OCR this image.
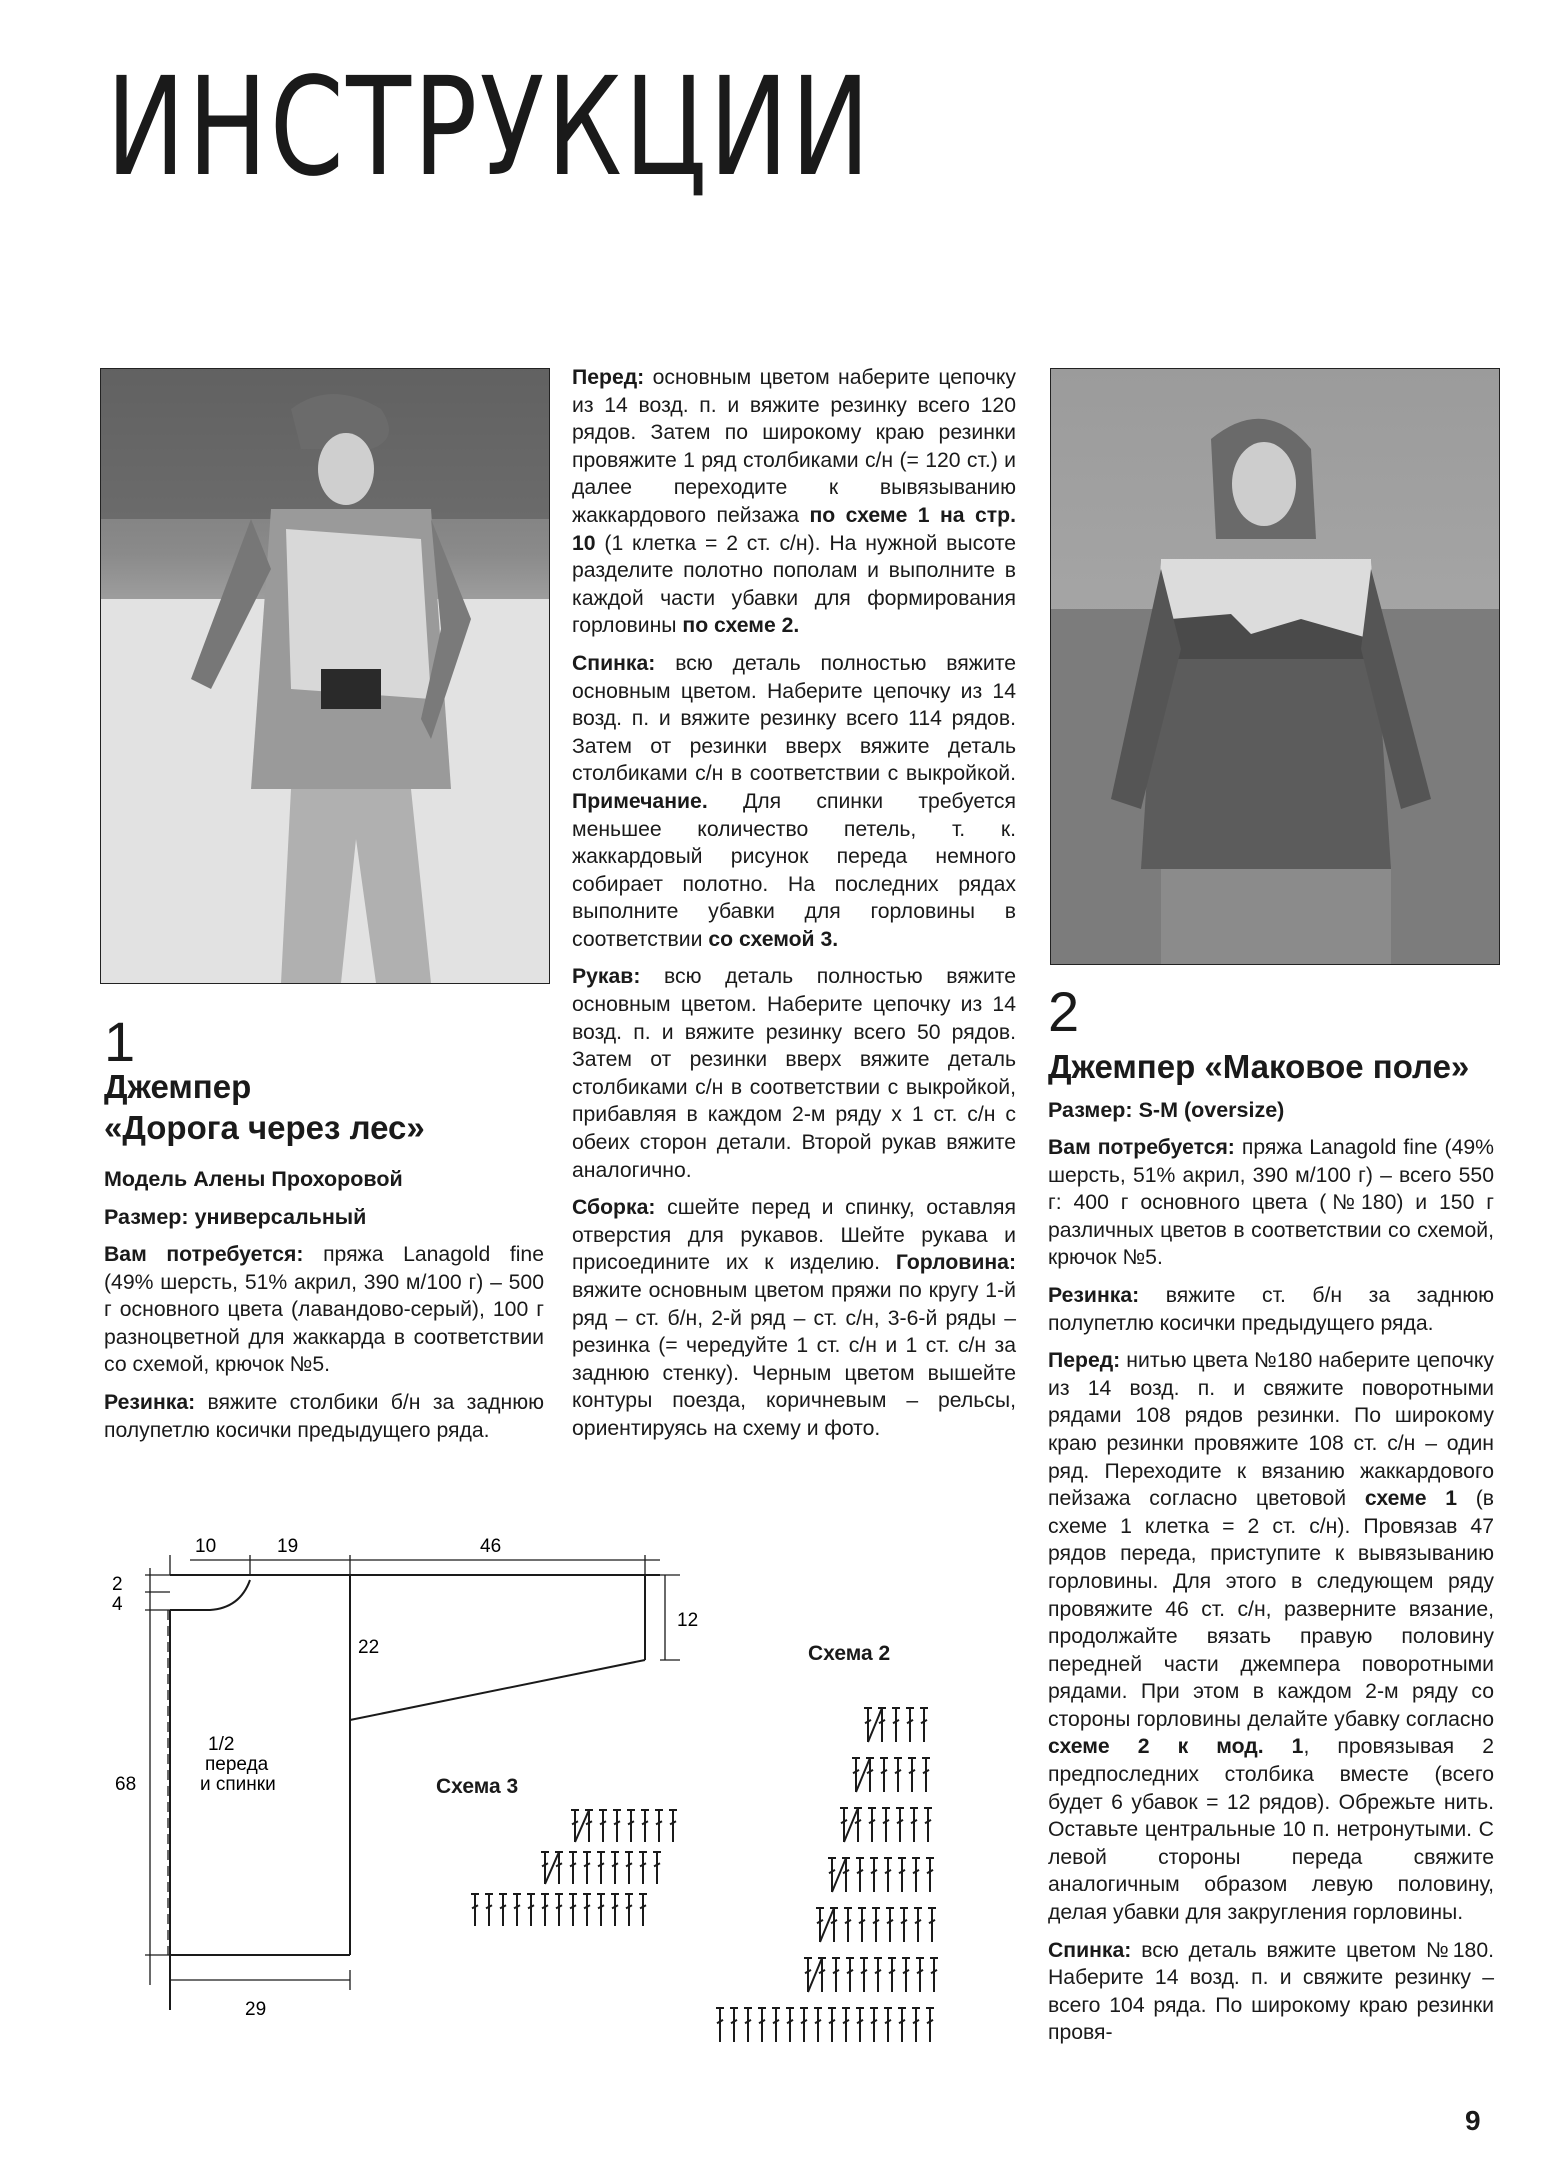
ИНСТРУКЦИИ
1
Джемпер
«Дорога через лес»

Модель Алены Прохоровой

Размер: универсальный

Вам потребуется: пряжа Lanagold fine (49% шерсть, 51% акрил, 390 м/100 г) – 500 г основного цвета (лавандово-серый), 100 г разноцветной для жаккарда в соответствии со схемой, крючок №5.

Резинка: вяжите столбики б/н за заднюю полупетлю косички предыдущего ряда.

Перед: основным цветом наберите цепочку из 14 возд. п. и вяжите резинку всего 120 рядов. Затем по широкому краю резинки провяжите 1 ряд столбиками с/н (= 120 ст.) и далее переходите к вывязыванию жаккардового пейзажа по схеме 1 на стр. 10 (1 клетка = 2 ст. с/н). На нужной высоте разделите полотно пополам и выполните в каждой части убавки для формирования горловины по схеме 2.

Спинка: всю деталь полностью вяжите основным цветом. Наберите цепочку из 14 возд. п. и вяжите резинку всего 114 рядов. Затем от резинки вверх вяжите деталь столбиками с/н в соответствии с выкройкой. Примечание. Для спинки требуется меньшее количество петель, т. к. жаккардовый рисунок переда немного собирает полотно. На последних рядах выполните убавки для горловины в соответствии со схемой 3.

Рукав: всю деталь полностью вяжите основным цветом. Наберите цепочку из 14 возд. п. и вяжите резинку всего 50 рядов. Затем от резинки вверх вяжите деталь столбиками с/н в соответствии с выкройкой, прибавляя в каждом 2-м ряду х 1 ст. с/н с обеих сторон детали. Второй рукав вяжите аналогично.

Сборка: сшейте перед и спинку, оставляя отверстия для рукавов. Шейте рукава и присоедините их к изделию. Горловина: вяжите основным цветом пряжи по кругу 1-й ряд – ст. б/н, 2-й ряд – ст. с/н, 3-6-й ряды – резинка (= чередуйте 1 ст. с/н и 1 ст. с/н за заднюю стенку). Черным цветом вышейте контуры поезда, коричневым – рельсы, ориентируясь на схему и фото.

2
Джемпер «Маковое поле»

Размер: S-M (oversize)

Вам потребуется: пряжа Lanagold fine (49% шерсть, 51% акрил, 390 м/100 г) – всего 550 г: 400 г основного цвета (№180) и 150 г различных цветов в соответствии со схемой, крючок №5.

Резинка: вяжите ст. б/н за заднюю полупетлю косички предыдущего ряда.

Перед: нитью цвета №180 наберите цепочку из 14 возд. п. и свяжите поворотными рядами 108 рядов резинки. По широкому краю резинки провяжите 108 ст. с/н – один ряд. Переходите к вязанию жаккардового пейзажа согласно цветовой схеме 1 (в схеме 1 клетка = 2 ст. с/н). Провязав 47 рядов переда, приступите к вывязыванию горловины. Для этого в следующем ряду провяжите 46 ст. с/н, разверните вязание, продолжайте вязать правую половину передней части джемпера поворотными рядами. При этом в каждом 2-м ряду со стороны горловины делайте убавку согласно схеме 2 к мод. 1, провязывая 2 предпоследних столбика вместе (всего будет 6 убавок = 12 рядов). Обрежьте нить. Оставьте центральные 10 п. нетронутыми. С левой стороны переда свяжите аналогичным образом левую половину, делая убавки для закругления горловины.

Спинка: всю деталь вяжите цветом №180. Наберите 14 возд. п. и свяжите резинку – всего 104 ряда. По широкому краю резинки провя-

10	19	46
2
4
68
12
22
29
1/2
переда
и спинки	Схема 3
Схема 2
9
